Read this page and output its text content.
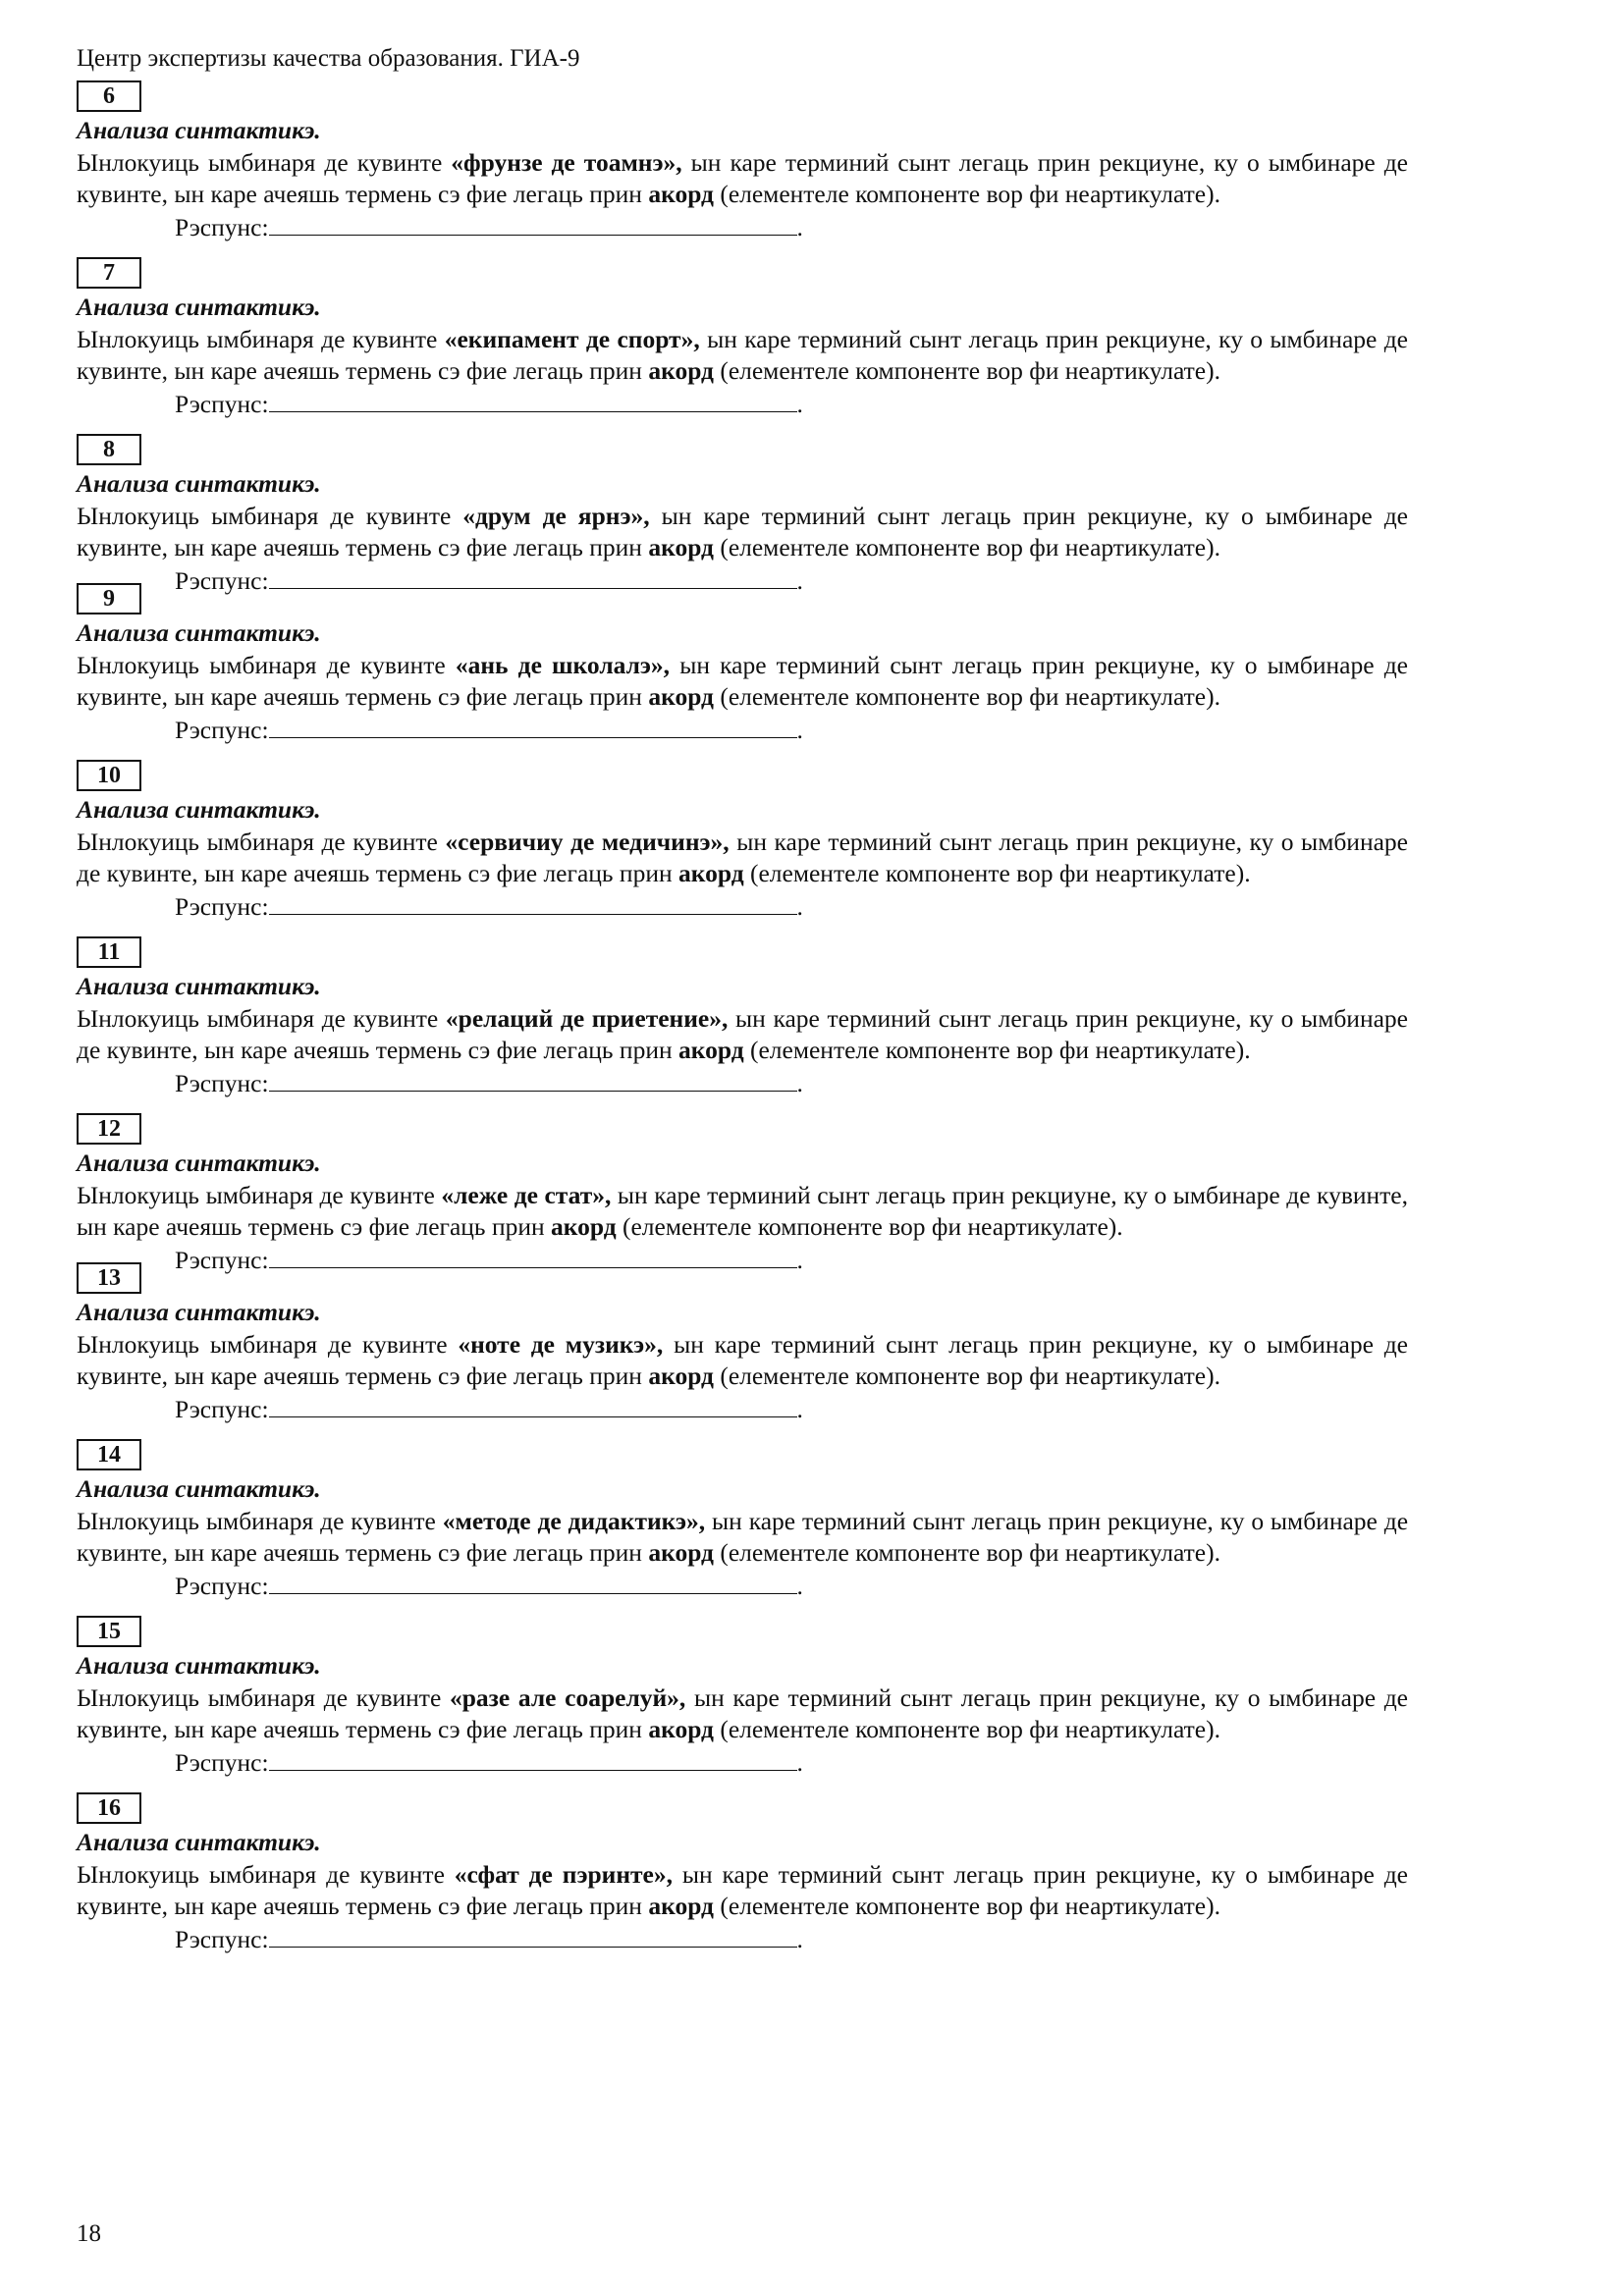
Центр экспертизы качества образования. ГИА-9
6

Анализа синтактикэ.

Ынлокуиць ымбинаря де кувинте «фрунзе де тоамнэ», ын каре терминий сынт легаць прин рекциуне, ку о ымбинаре де кувинте, ын каре ачеяшь термень сэ фие легаць прин акорд (елементеле компоненте вор фи неартикулате).

Рэспунс:	.

7

Анализа синтактикэ.

Ынлокуиць ымбинаря де кувинте «екипамент де спорт», ын каре терминий сынт легаць прин рекциуне, ку о ымбинаре де кувинте, ын каре ачеяшь термень сэ фие легаць прин акорд (елементеле компоненте вор фи неартикулате).

Рэспунс:	.

8

Анализа синтактикэ.

Ынлокуиць ымбинаря де кувинте «друм де ярнэ», ын каре терминий сынт легаць прин рекциуне, ку о ымбинаре де кувинте, ын каре ачеяшь термень сэ фие легаць прин акорд (елементеле компоненте вор фи неартикулате).

Рэспунс:	.

9

Анализа синтактикэ.

Ынлокуиць ымбинаря де кувинте «ань де школалэ», ын каре терминий сынт легаць прин рекциуне, ку о ымбинаре де кувинте, ын каре ачеяшь термень сэ фие легаць прин акорд (елементеле компоненте вор фи неартикулате).

Рэспунс:	.

10

Анализа синтактикэ.

Ынлокуиць ымбинаря де кувинте «сервичиу де медичинэ», ын каре терминий сынт легаць прин рекциуне, ку о ымбинаре де кувинте, ын каре ачеяшь термень сэ фие легаць прин акорд (елементеле компоненте вор фи неартикулате).

Рэспунс:	.

11

Анализа синтактикэ.

Ынлокуиць ымбинаря де кувинте «релаций де приетение», ын каре терминий сынт легаць прин рекциуне, ку о ымбинаре де кувинте, ын каре ачеяшь термень сэ фие легаць прин акорд (елементеле компоненте вор фи неартикулате).

Рэспунс:	.

12

Анализа синтактикэ.

Ынлокуиць ымбинаря де кувинте «леже де стат», ын каре терминий сынт легаць прин рекциуне, ку о ымбинаре де кувинте, ын каре ачеяшь термень сэ фие легаць прин акорд (елементеле компоненте вор фи неартикулате).

Рэспунс:	.

13

Анализа синтактикэ.

Ынлокуиць ымбинаря де кувинте «ноте де музикэ», ын каре терминий сынт легаць прин рекциуне, ку о ымбинаре де кувинте, ын каре ачеяшь термень сэ фие легаць прин акорд (елементеле компоненте вор фи неартикулате).

Рэспунс:	.

14

Анализа синтактикэ.

Ынлокуиць ымбинаря де кувинте «методе де дидактикэ», ын каре терминий сынт легаць прин рекциуне, ку о ымбинаре де кувинте, ын каре ачеяшь термень сэ фие легаць прин акорд (елементеле компоненте вор фи неартикулате).

Рэспунс:	.

15

Анализа синтактикэ.

Ынлокуиць ымбинаря де кувинте «разе але соарелуй», ын каре терминий сынт легаць прин рекциуне, ку о ымбинаре де кувинте, ын каре ачеяшь термень сэ фие легаць прин акорд (елементеле компоненте вор фи неартикулате).

Рэспунс:	.

16

Анализа синтактикэ.

Ынлокуиць ымбинаря де кувинте «сфат де пэринте», ын каре терминий сынт легаць прин рекциуне, ку о ымбинаре де кувинте, ын каре ачеяшь термень сэ фие легаць прин акорд (елементеле компоненте вор фи неартикулате).

Рэспунс:	.

18
